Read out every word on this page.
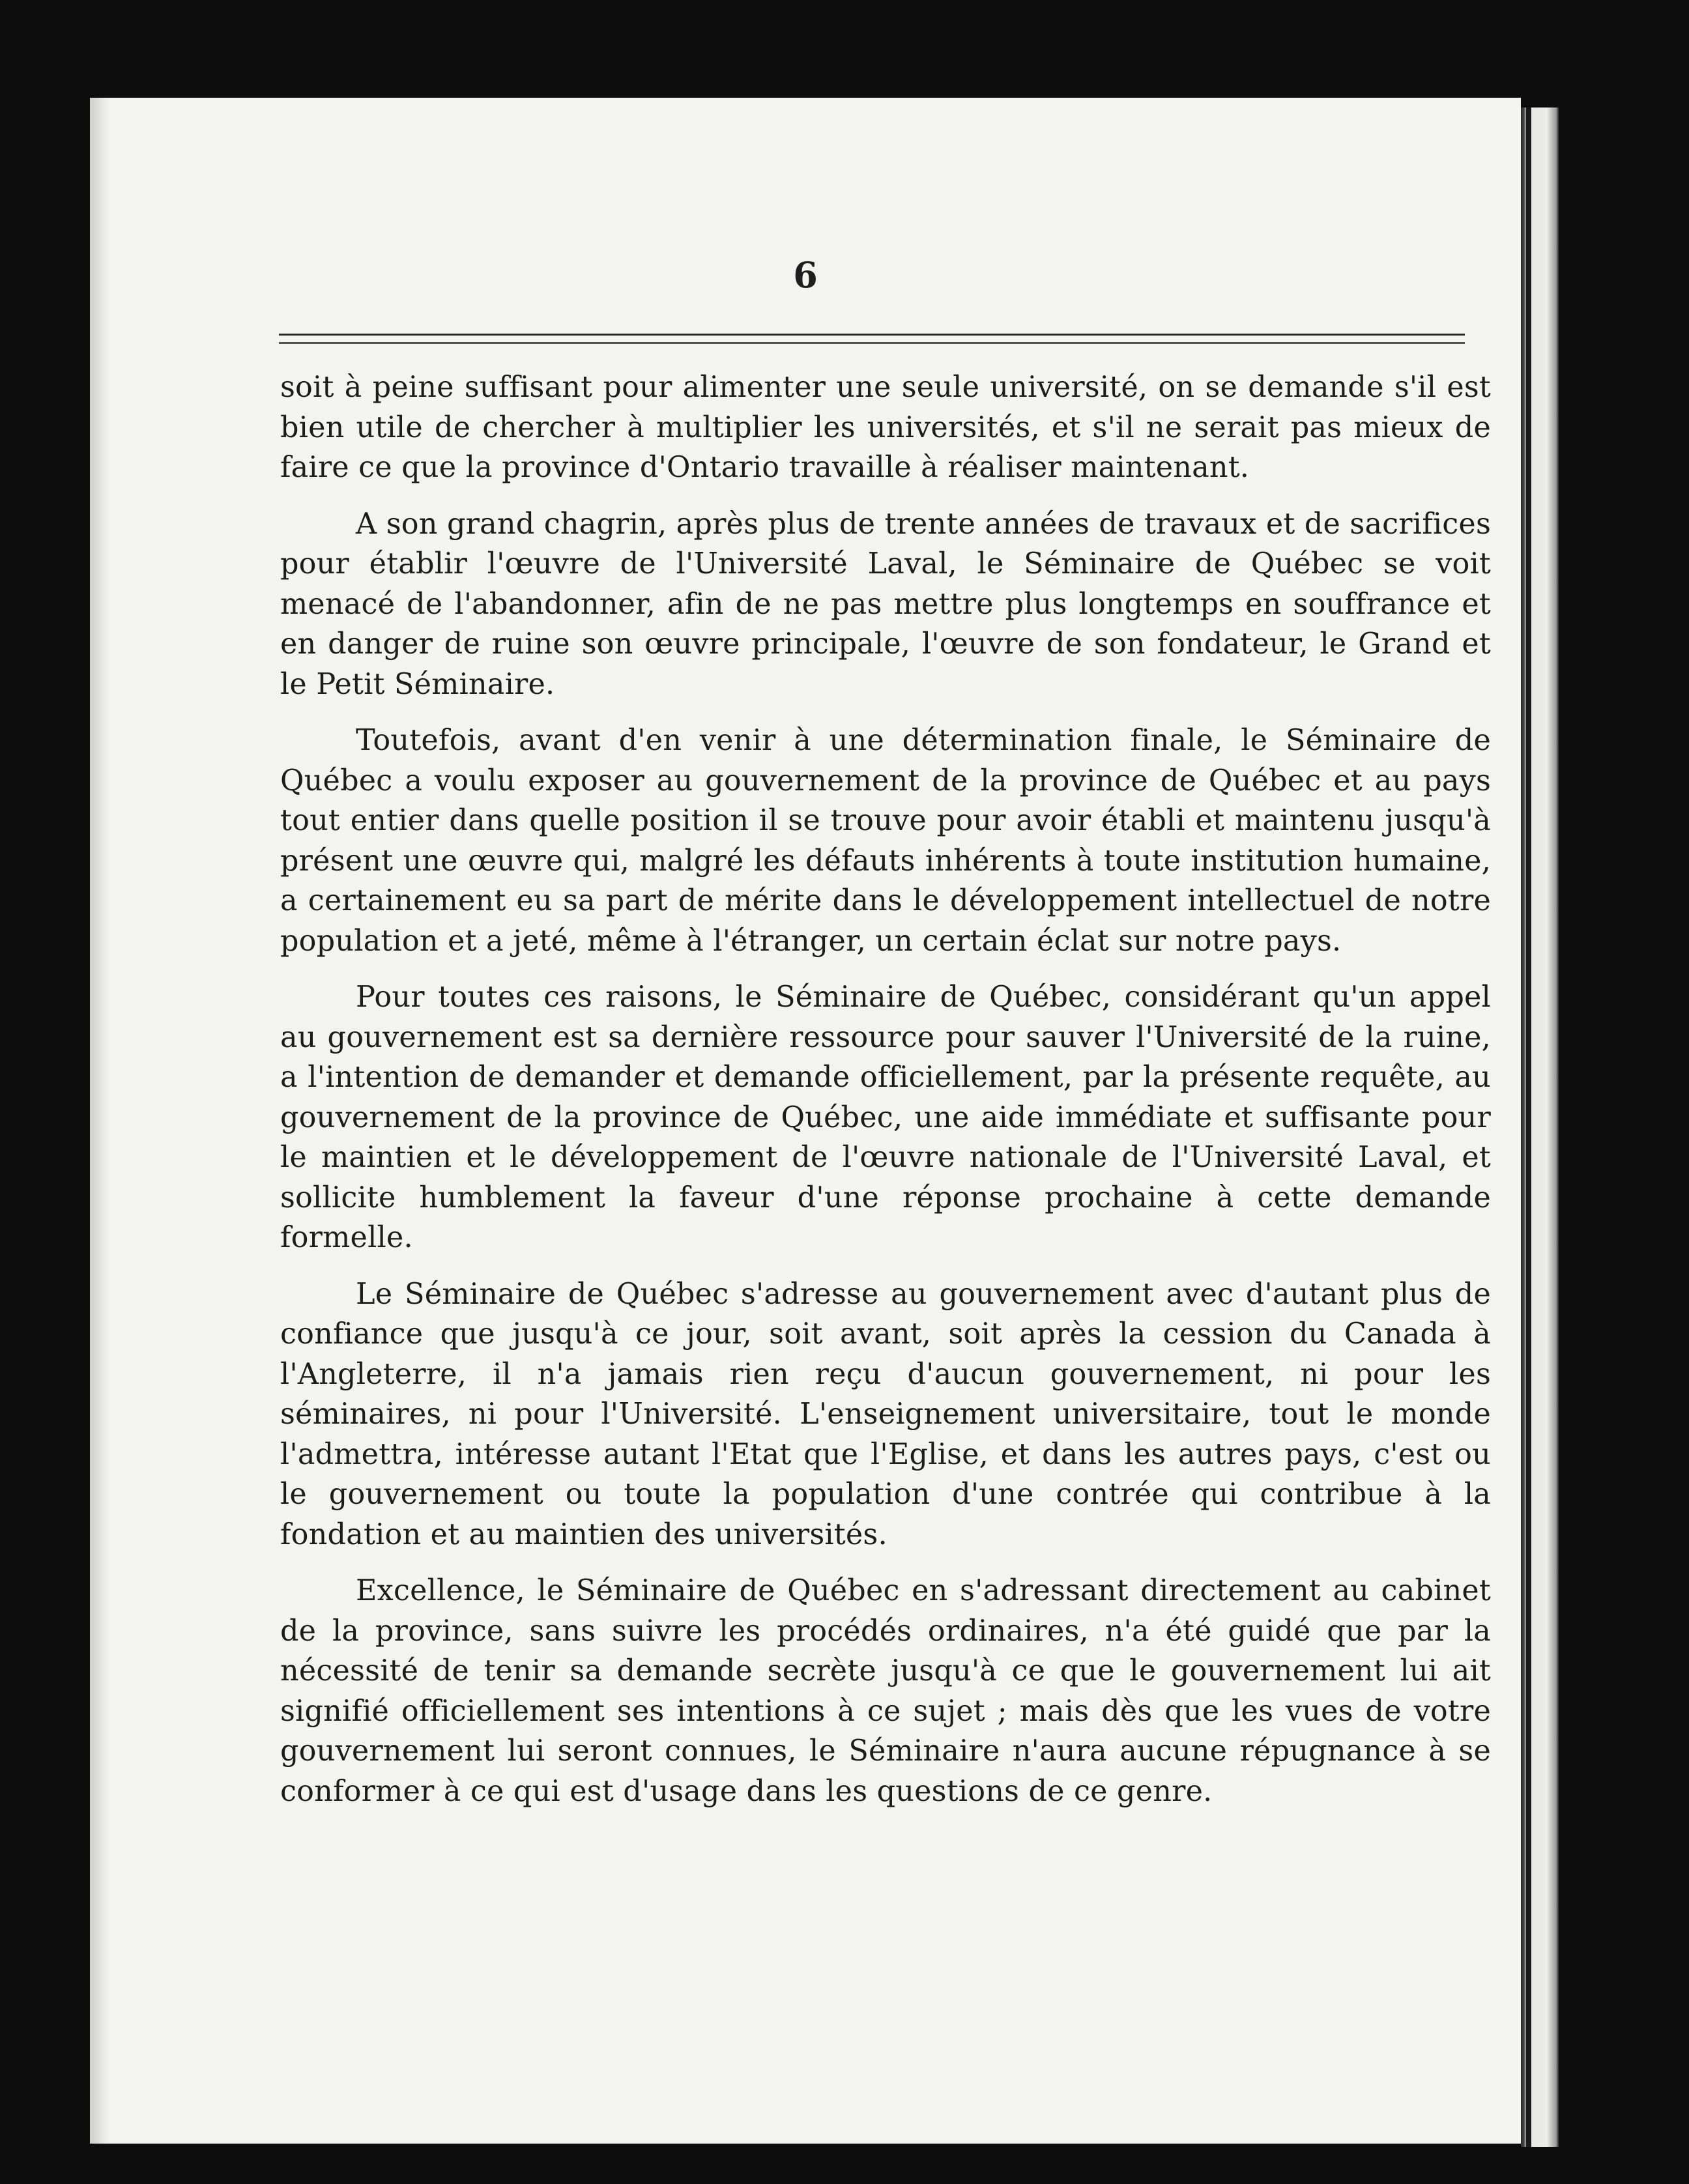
6

soit à peine suffisant pour alimenter une seule université, on se demande s'il est bien utile de chercher à multiplier les universités, et s'il ne serait pas mieux de faire ce que la province d'Ontario travaille à réaliser maintenant.

A son grand chagrin, après plus de trente années de travaux et de sacrifices pour établir l'œuvre de l'Université Laval, le Séminaire de Québec se voit menacé de l'abandonner, afin de ne pas mettre plus longtemps en souffrance et en danger de ruine son œuvre principale, l'œuvre de son fondateur, le Grand et le Petit Séminaire.

Toutefois, avant d'en venir à une détermination finale, le Séminaire de Québec a voulu exposer au gouvernement de la province de Québec et au pays tout entier dans quelle position il se trouve pour avoir établi et maintenu jusqu'à présent une œuvre qui, malgré les défauts inhérents à toute institution humaine, a certainement eu sa part de mérite dans le développement intellectuel de notre population et a jeté, même à l'étranger, un certain éclat sur notre pays.

Pour toutes ces raisons, le Séminaire de Québec, considérant qu'un appel au gouvernement est sa dernière ressource pour sauver l'Université de la ruine, a l'intention de demander et demande officiellement, par la présente requête, au gouvernement de la province de Québec, une aide immédiate et suffisante pour le maintien et le développement de l'œuvre nationale de l'Université Laval, et sollicite humblement la faveur d'une réponse prochaine à cette demande formelle.

Le Séminaire de Québec s'adresse au gouvernement avec d'autant plus de confiance que jusqu'à ce jour, soit avant, soit après la cession du Canada à l'Angleterre, il n'a jamais rien reçu d'aucun gouvernement, ni pour les séminaires, ni pour l'Université. L'enseignement universitaire, tout le monde l'admettra, intéresse autant l'Etat que l'Eglise, et dans les autres pays, c'est ou le gouvernement ou toute la population d'une contrée qui contribue à la fondation et au maintien des universités.

Excellence, le Séminaire de Québec en s'adressant directement au cabinet de la province, sans suivre les procédés ordinaires, n'a été guidé que par la nécessité de tenir sa demande secrète jusqu'à ce que le gouvernement lui ait signifié officiellement ses intentions à ce sujet ; mais dès que les vues de votre gouvernement lui seront connues, le Séminaire n'aura aucune répugnance à se conformer à ce qui est d'usage dans les questions de ce genre.
